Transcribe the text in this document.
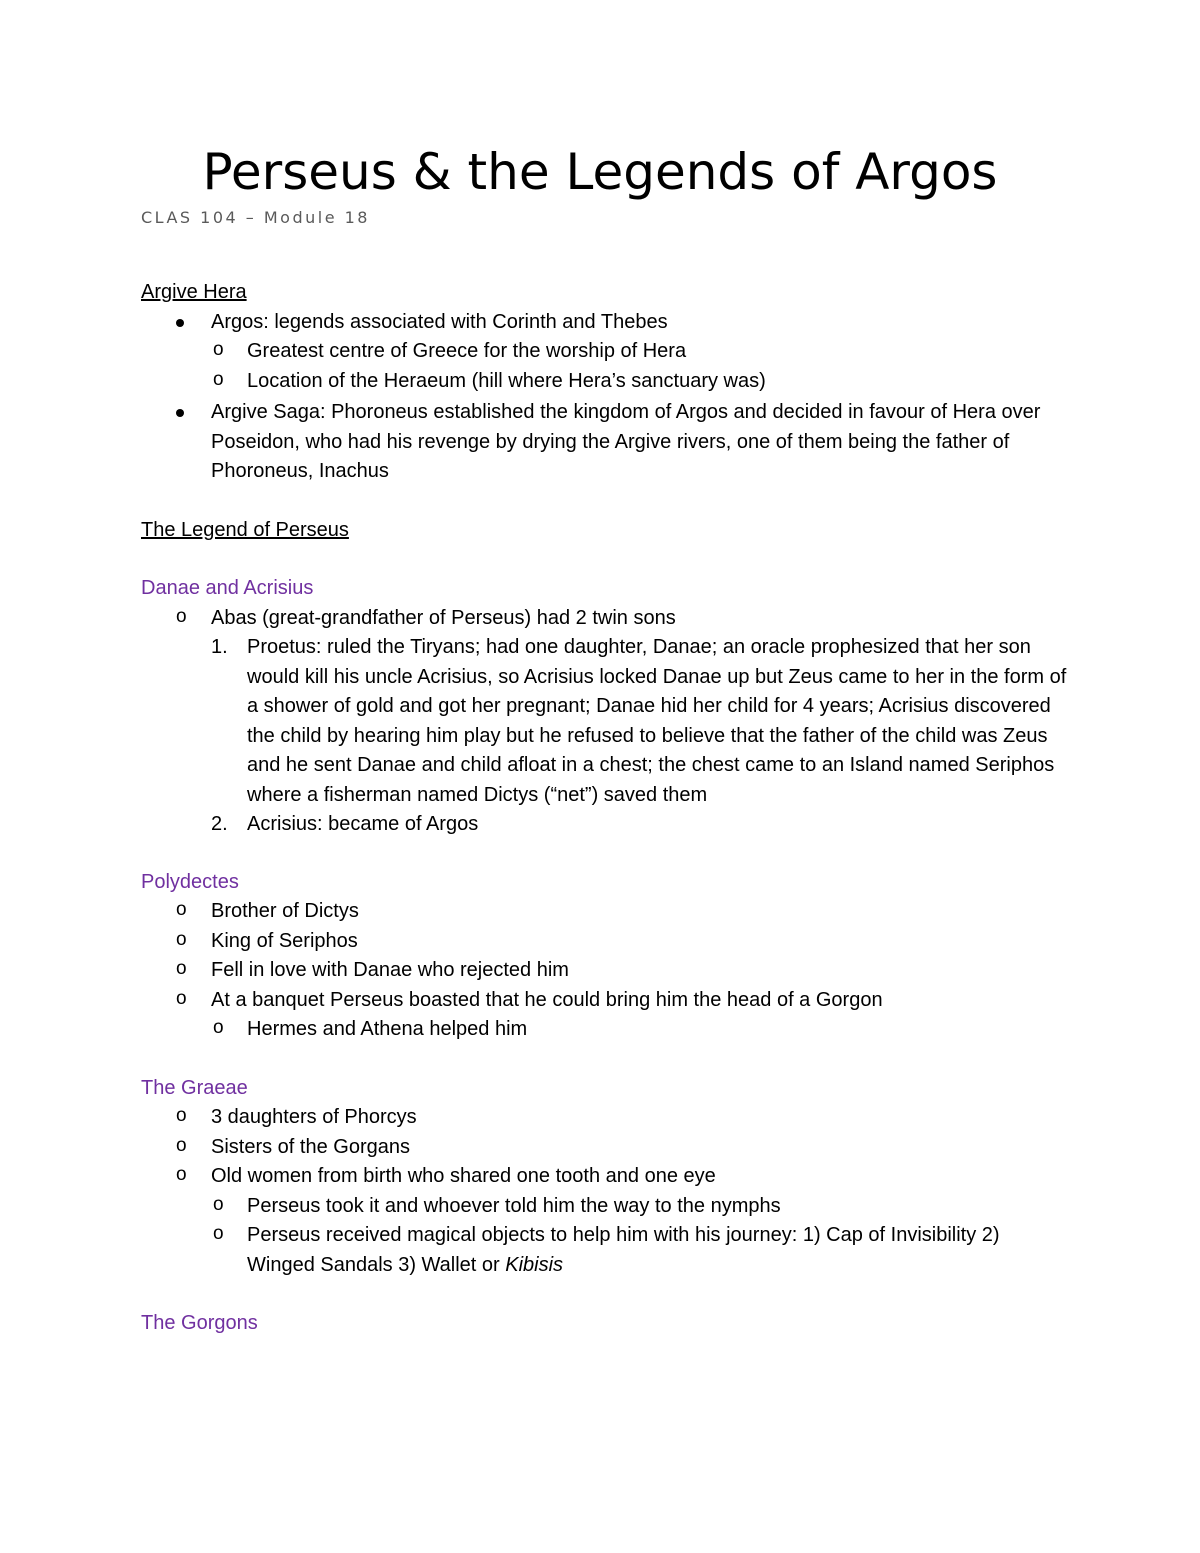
Perseus & the Legends of Argos
CLAS 104 – Module 18

Argive Hera

Argos: legends associated with Corinth and Thebes
o Greatest centre of Greece for the worship of Hera
o Location of the Heraeum (hill where Hera’s sanctuary was)
Argive Saga: Phoroneus established the kingdom of Argos and decided in favour of Hera over Poseidon, who had his revenge by drying the Argive rivers, one of them being the father of Phoroneus, Inachus

The Legend of Perseus

Danae and Acrisius

o Abas (great-grandfather of Perseus) had 2 twin sons
1. Proetus: ruled the Tiryans; had one daughter, Danae; an oracle prophesized that her son would kill his uncle Acrisius, so Acrisius locked Danae up but Zeus came to her in the form of a shower of gold and got her pregnant; Danae hid her child for 4 years; Acrisius discovered the child by hearing him play but he refused to believe that the father of the child was Zeus and he sent Danae and child afloat in a chest; the chest came to an Island named Seriphos where a fisherman named Dictys (“net”) saved them
2. Acrisius: became of Argos

Polydectes

o Brother of Dictys
o King of Seriphos
o Fell in love with Danae who rejected him
o At a banquet Perseus boasted that he could bring him the head of a Gorgon
o Hermes and Athena helped him

The Graeae

o 3 daughters of Phorcys
o Sisters of the Gorgans
o Old women from birth who shared one tooth and one eye
o Perseus took it and whoever told him the way to the nymphs
o Perseus received magical objects to help him with his journey: 1) Cap of Invisibility 2) Winged Sandals 3) Wallet or Kibisis

The Gorgons
